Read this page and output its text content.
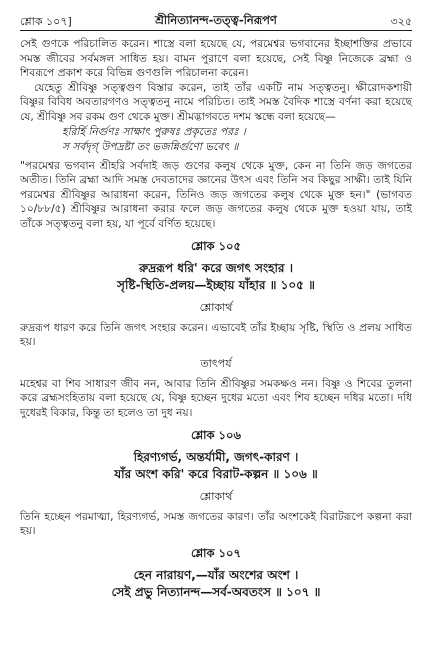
শ্লোক ১০৭]	শ্রীনিত্যানন্দ-তত্ত্ব-নিরূপণ	৩২৫

সেই গুণকে পরিচালিত করেন। শাস্ত্রে বলা হয়েছে যে, পরমেশ্বর ভগবানের ইচ্ছাশক্তির প্রভাবে সমস্ত জীবের সর্বমঙ্গল সাধিত হয়। বামন পুরাণে বলা হয়েছে, সেই বিষ্ণু নিজেকে ব্রহ্মা ও শিবরূপে প্রকাশ করে বিভিন্ন গুণগুলি পরিচালনা করেন।

যেহেতু শ্রীবিষ্ণু সত্ত্বগুণ বিস্তার করেন, তাই তাঁর একটি নাম সত্ত্বতনু। ক্ষীরোদকশায়ী বিষ্ণুর বিবিধ অবতারগণও সত্ত্বতনু নামে পরিচিত। তাই সমস্ত বৈদিক শাস্ত্রে বর্ণনা করা হয়েছে যে, শ্রীবিষ্ণু সব রকম গুণ থেকে মুক্ত। শ্রীমদ্ভাগবতে দশম স্কন্ধে বলা হয়েছে—

হরির্হি নির্গুণঃ সাক্ষাৎ পুরুষঃ প্রকৃতেঃ পরঃ ।

স সর্বদৃগ্ উপদ্রষ্টা তং ভজন্নির্গুণো ভবেৎ ॥

"পরমেশ্বর ভগবান শ্রীহরি সর্বদাই জড় গুণের কলুষ থেকে মুক্ত, কেন না তিনি জড় জগতের অতীত। তিনি ব্রহ্মা আদি সমস্ত দেবতাদের জ্ঞানের উৎস এবং তিনি সব কিছুর সাক্ষী। তাই যিনি পরমেশ্বর শ্রীবিষ্ণুর আরাধনা করেন, তিনিও জড় জগতের কলুষ থেকে মুক্ত হন।" (ভাগবত ১০/৮৮/৫) শ্রীবিষ্ণুর আরাধনা করার ফলে জড় জগতের কলুষ থেকে মুক্ত হওয়া যায়, তাই তাঁকে সত্ত্বতনু বলা হয়, যা পূর্বে বর্ণিত হয়েছে।

শ্লোক ১০৫
রুদ্ররূপ ধরি' করে জগৎ সংহার ।
সৃষ্টি-স্থিতি-প্রলয়—ইচ্ছায় যাঁহার ॥ ১০৫ ॥
শ্লোকার্থ

রুদ্ররূপ ধারণ করে তিনি জগৎ সংহার করেন। এভাবেই তাঁর ইচ্ছায় সৃষ্টি, স্থিতি ও প্রলয় সাধিত হয়।

তাৎপর্য

মহেশ্বর বা শিব সাধারণ জীব নন, আবার তিনি শ্রীবিষ্ণুর সমকক্ষও নন। বিষ্ণু ও শিবের তুলনা করে ব্রহ্মসংহিতায় বলা হয়েছে যে, বিষ্ণু হচ্ছেন দুধের মতো এবং শিব হচ্ছেন দধির মতো। দধি দুধেরই বিকার, কিন্তু তা হলেও তা দুধ নয়।

শ্লোক ১০৬
হিরণ্যগর্ভ, অন্তর্যামী, জগৎ-কারণ ।
যাঁর অংশ করি' করে বিরাট-কল্পন ॥ ১০৬ ॥
শ্লোকার্থ

তিনি হচ্ছেন পরমাত্মা, হিরণ্যগর্ভ, সমস্ত জগতের কারণ। তাঁর অংশকেই বিরাটরূপে কল্পনা করা হয়।

শ্লোক ১০৭
হেন নারায়ণ,—যাঁর অংশের অংশ ।
সেই প্রভু নিত্যানন্দ—সর্ব-অবতংস ॥ ১০৭ ॥
